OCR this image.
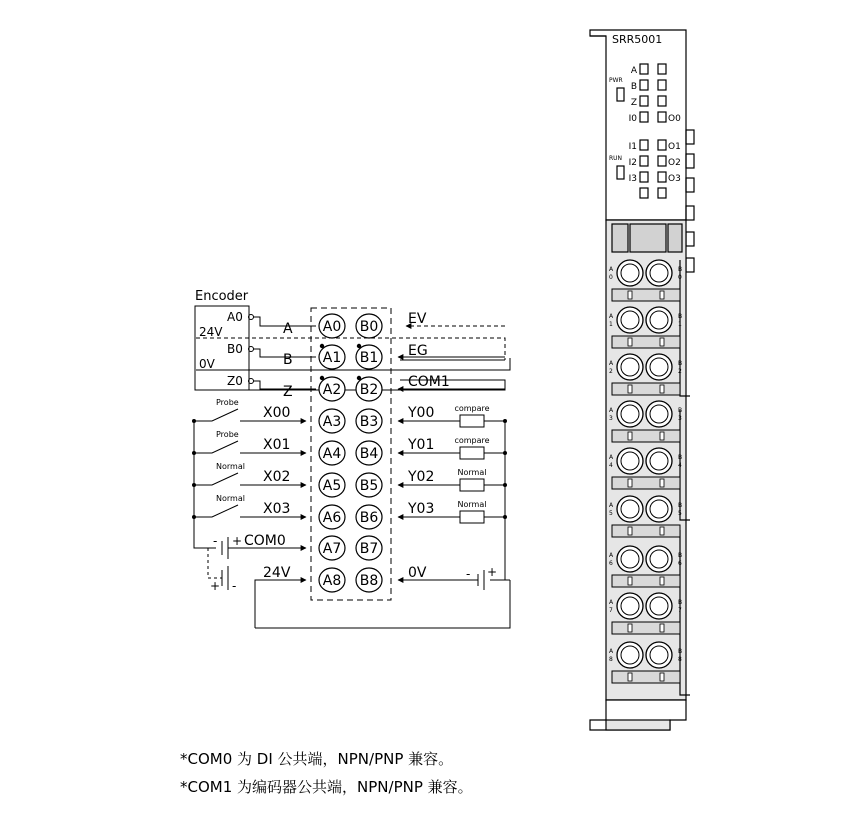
SRR5001
PWR
RUN
A
B
Z
I0	O0
I1	O1
I2	O2
I3	O3
A
0
B
0
A
1
B
1
A
2
B
2
A
3
B
3
A
4
B
4
A
5
B
5
A
6
B
6
A
7
B
7
A
8
B
8
Encoder
A0
24V
B0
0V
Z0
A
B
Z
A0 B0
A1 B1
A2 B2
A3 B3
A4 B4
A5 B5
A6 B6
A7 B7
A8 B8
Probe
X00
Probe
X01
Normal
X02
Normal
X03
COM0
24V
- +
+ -
compare
Y00
compare
Y01
Normal
Y02
Normal
Y03
EV
EG
COM1
0V	- +
*COM0 为 DI 公共端，NPN/PNP 兼容。
*COM1 为编码器公共端，NPN/PNP 兼容。
